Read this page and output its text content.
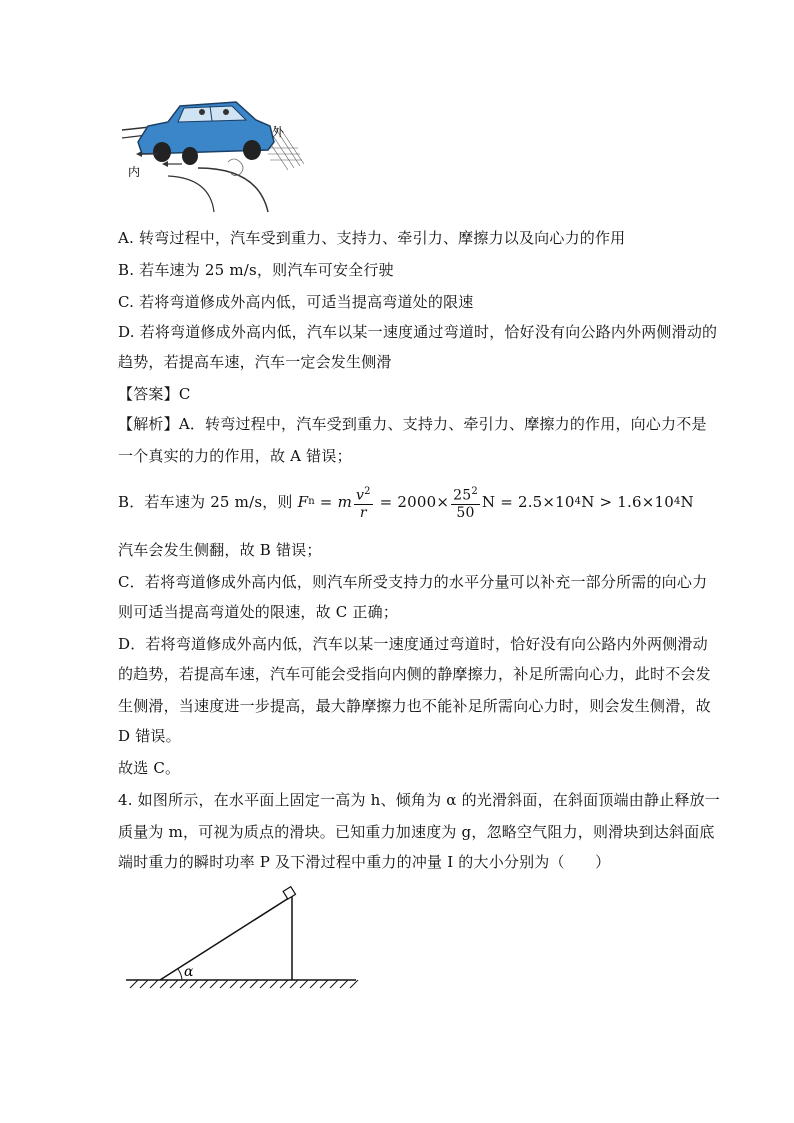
外
内
A. 转弯过程中，汽车受到重力、支持力、牵引力、摩擦力以及向心力的作用
B. 若车速为 25 m/s，则汽车可安全行驶
C. 若将弯道修成外高内低，可适当提高弯道处的限速
D. 若将弯道修成外高内低，汽车以某一速度通过弯道时，恰好没有向公路内外两侧滑动的
趋势，若提高车速，汽车一定会发生侧滑
【答案】C
【解析】A．转弯过程中，汽车受到重力、支持力、牵引力、摩擦力的作用，向心力不是
一个真实的力的作用，故 A 错误；
B．若车速为 25 m/s，则 F n = m $\frac{v^2}{r} = 2000\times \frac{25^2}{50}$ N = 2.5×10 4 N > 1.6×10 4 N
汽车会发生侧翻，故 B 错误；
C．若将弯道修成外高内低，则汽车所受支持力的水平分量可以补充一部分所需的向心力
则可适当提高弯道处的限速，故 C 正确；
D．若将弯道修成外高内低，汽车以某一速度通过弯道时，恰好没有向公路内外两侧滑动
的趋势，若提高车速，汽车可能会受指向内侧的静摩擦力，补足所需向心力，此时不会发
生侧滑，当速度进一步提高，最大静摩擦力也不能补足所需向心力时，则会发生侧滑，故
D 错误。
故选 C。
4. 如图所示，在水平面上固定一高为 h、倾角为 α 的光滑斜面，在斜面顶端由静止释放一
质量为 m，可视为质点的滑块。已知重力加速度为 g，忽略空气阻力，则滑块到达斜面底
端时重力的瞬时功率 P 及下滑过程中重力的冲量 I 的大小分别为（　　）
α
